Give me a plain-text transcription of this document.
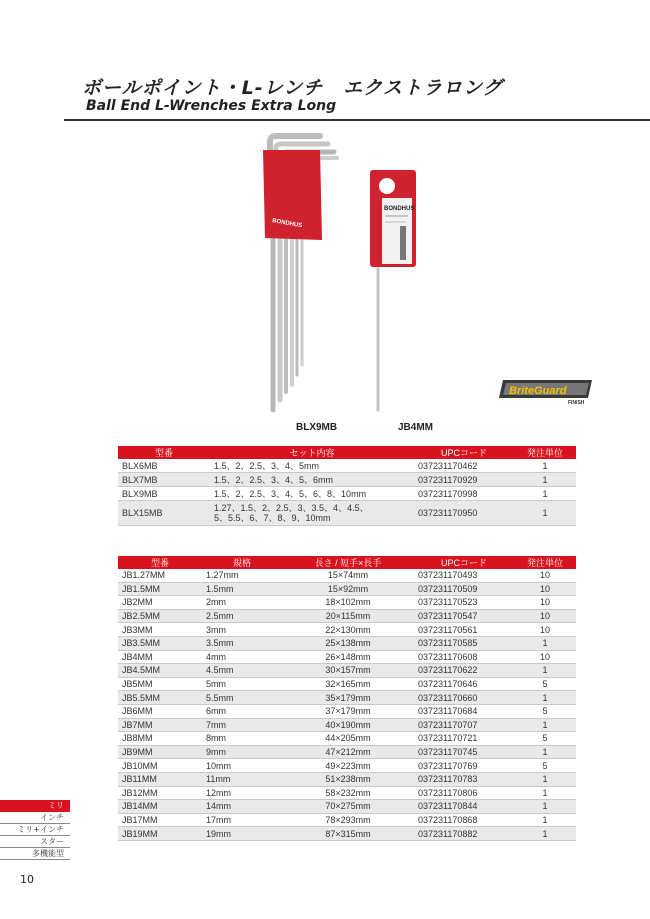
ボールポイント・L-レンチ　エクストラロング
Ball End L-Wrenches Extra Long
BONDHUS
BONDHUS
BLX9MB	JB4MM
BriteGuard
FINISH
型番	セット内容	UPCコード	発注単位
BLX6MB	1.5、2、2.5、3、4、5mm	037231170462	1
BLX7MB	1.5、2、2.5、3、4、5、6mm	037231170929	1
BLX9MB	1.5、2、2.5、3、4、5、6、8、10mm	037231170998	1
BLX15MB	1.27、1.5、2、2.5、3、3.5、4、4.5、
5、5.5、6、7、8、9、10mm	037231170950	1
型番	規格	長さ / 短手×長手	UPCコード	発注単位
JB1.27MM	1.27mm	15×74mm	037231170493	10
JB1.5MM	1.5mm	15×92mm	037231170509	10
JB2MM	2mm	18×102mm	037231170523	10
JB2.5MM	2.5mm	20×115mm	037231170547	10
JB3MM	3mm	22×130mm	037231170561	10
JB3.5MM	3.5mm	25×138mm	037231170585	1
JB4MM	4mm	26×148mm	037231170608	10
JB4.5MM	4.5mm	30×157mm	037231170622	1
JB5MM	5mm	32×165mm	037231170646	5
JB5.5MM	5.5mm	35×179mm	037231170660	1
JB6MM	6mm	37×179mm	037231170684	5
JB7MM	7mm	40×190mm	037231170707	1
JB8MM	8mm	44×205mm	037231170721	5
JB9MM	9mm	47×212mm	037231170745	1
JB10MM	10mm	49×223mm	037231170769	5
JB11MM	11mm	51×238mm	037231170783	1
JB12MM	12mm	58×232mm	037231170806	1
JB14MM	14mm	70×275mm	037231170844	1
JB17MM	17mm	78×293mm	037231170868	1
JB19MM	19mm	87×315mm	037231170882	1
ミリ
インチ
ミリ+インチ
スター
多機能型
10
